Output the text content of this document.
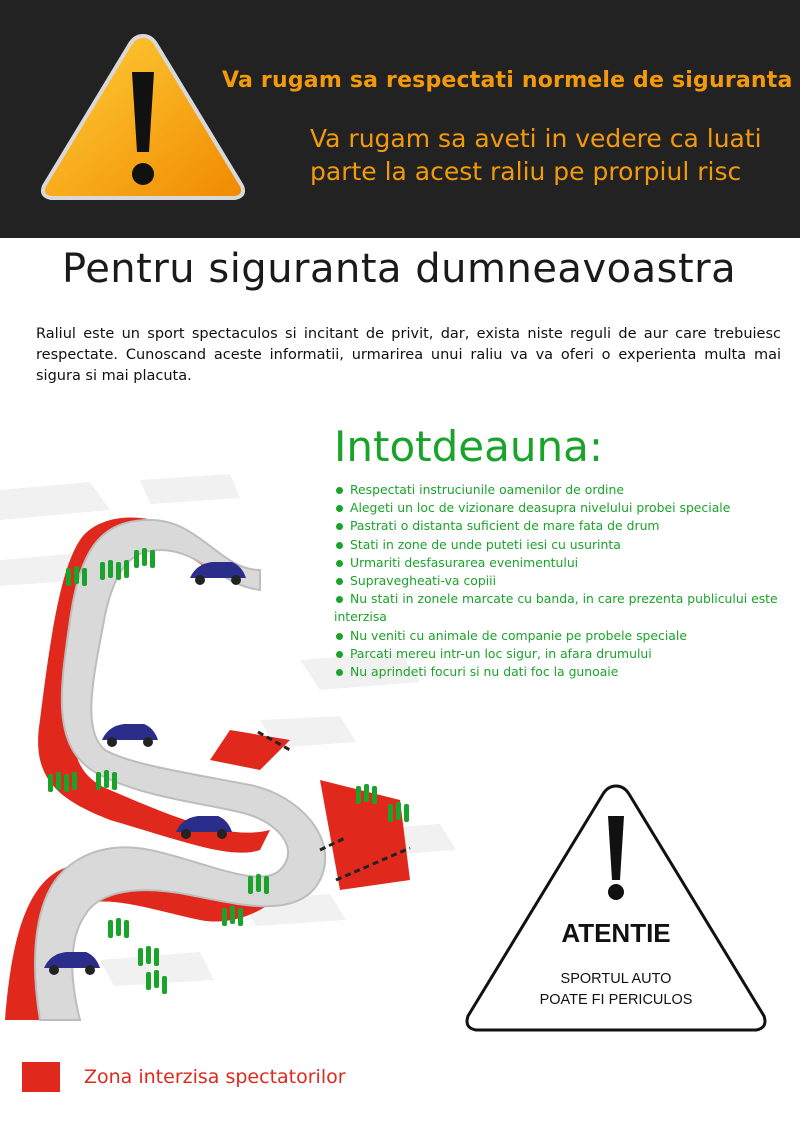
Va rugam sa respectati normele de siguranta
Va rugam sa aveti in vedere ca luati
parte la acest raliu pe prorpiul risc
Pentru siguranta dumneavoastra
Raliul este un sport spectaculos si incitant de privit, dar, exista niste reguli de aur care trebuiesc respectate. Cunoscand aceste informatii, urmarirea unui raliu va va oferi o experienta multa mai sigura si mai placuta.
Intotdeauna:
Respectati instruciunile oamenilor de ordine
Alegeti un loc de vizionare deasupra nivelului probei speciale
Pastrati o distanta suficient de mare fata de drum
Stati in zone de unde puteti iesi cu usurinta
Urmariti desfasurarea evenimentului
Supravegheati-va copiii
Nu stati in zonele marcate cu banda, in care prezenta publicului este interzisa
Nu veniti cu animale de companie pe probele speciale
Parcati mereu intr-un loc sigur, in afara drumului
Nu aprindeti focuri si nu dati foc la gunoaie
ATENTIE
SPORTUL AUTO
POATE FI PERICULOS
Zona interzisa spectatorilor
